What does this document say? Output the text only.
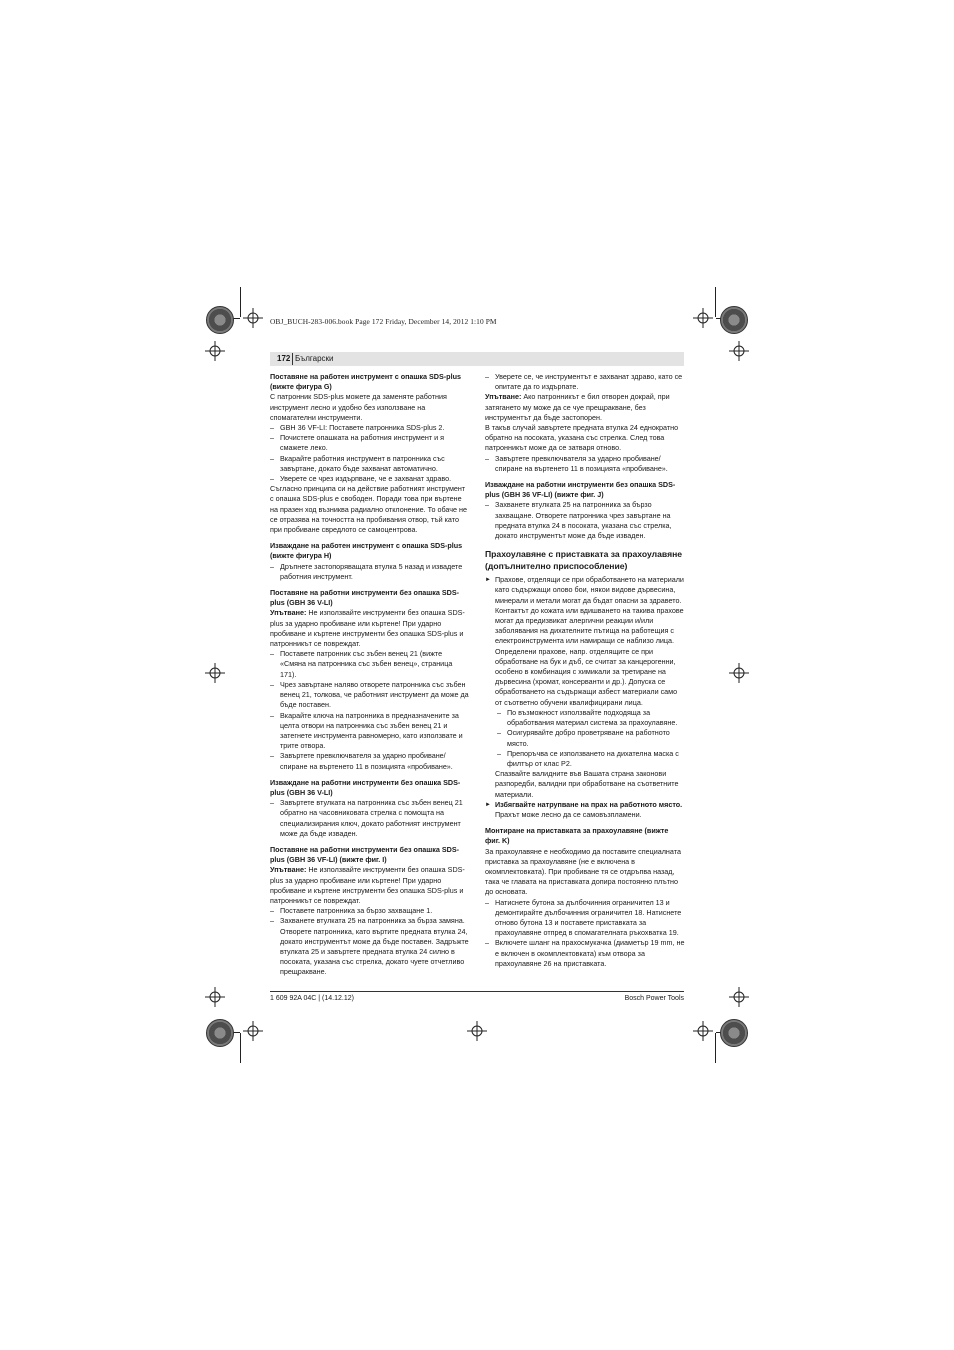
OBJ_BUCH-283-006.book Page 172 Friday, December 14, 2012 1:10 PM
172 Български

Поставяне на работен инструмент с опашка SDS-plus (вижте фигура G)

С патронник SDS-plus можете да заменяте работния инструмент лесно и удобно без използване на спомагателни инструменти.

– GBH 36 VF-LI: Поставете патронника SDS-plus 2.

– Почистете опашката на работния инструмент и я смажете леко.

– Вкарайте работния инструмент в патронника със завъртане, докато бъде захванат автоматично.

– Уверете се чрез издърпване, че е захванат здраво.

Съгласно принципа си на действие работният инструмент с опашка SDS-plus е свободен. Поради това при въртене на празен ход възниква радиално отклонение. То обаче не се отразява на точността на пробивания отвор, тъй като при пробиване свредлото се самоцентрова.

Изваждане на работен инструмент с опашка SDS-plus (вижте фигура H)

– Дръпнете застопоряващата втулка 5 назад и извадете работния инструмент.

Поставяне на работни инструменти без опашка SDS-plus (GBH 36 V-LI)

Упътване: Не използвайте инструменти без опашка SDS-plus за ударно пробиване или къртене! При ударно пробиване и къртене инструменти без опашка SDS-plus и патронникът се повреждат.

– Поставете патронник със зъбен венец 21 (вижте «Смяна на патронника със зъбен венец», страница 171).

– Чрез завъртане наляво отворете патронника със зъбен венец 21, толкова, че работният инструмент да може да бъде поставен.

– Вкарайте ключа на патронника в предназначените за целта отвори на патронника със зъбен венец 21 и затегнете инструмента равномерно, като използвате и трите отвора.

– Завъртете превключвателя за ударно пробиване/спиране на въртенето 11 в позицията «пробиване».

Изваждане на работни инструменти без опашка SDS-plus (GBH 36 V-LI)

– Завъртете втулката на патронника със зъбен венец 21 обратно на часовниковата стрелка с помощта на специализирания ключ, докато работният инструмент може да бъде изваден.

Поставяне на работни инструменти без опашка SDS-plus (GBH 36 VF-LI) (вижте фиг. I)

Упътване: Не използвайте инструменти без опашка SDS-plus за ударно пробиване или къртене! При ударно пробиване и къртене инструменти без опашка SDS-plus и патронникът се повреждат.

– Поставете патронника за бързо захващане 1.

– Захванете втулката 25 на патронника за бърза замяна. Отворете патронника, като въртите предната втулка 24, докато инструментът може да бъде поставен. Задръжте втулката 25 и завъртете предната втулка 24 силно в посоката, указана със стрелка, докато чуете отчетливо прещракване.

– Уверете се, че инструментът е захванат здраво, като се опитате да го издърпате.

Упътване: Ако патронникът е бил отворен докрай, при затягането му може да се чуе прещракване, без инструментът да бъде застопорен.

В такъв случай завъртете предната втулка 24 еднократно обратно на посоката, указана със стрелка. След това патронникът може да се затваря отново.

– Завъртете превключвателя за ударно пробиване/спиране на въртенето 11 в позицията «пробиване».

Изваждане на работни инструменти без опашка SDS-plus (GBH 36 VF-LI) (вижте фиг. J)

– Захванете втулката 25 на патронника за бързо захващане. Отворете патронника чрез завъртане на предната втулка 24 в посоката, указана със стрелка, докато инструментът може да бъде изваден.

Прахоулавяне с приставката за прахоулавяне (допълнително приспособление)

► Прахове, отделящи се при обработването на материали като съдържащи олово бои, някои видове дървесина, минерали и метали могат да бъдат опасни за здравето. Контактът до кожата или вдишването на такива прахове могат да предизвикат алергични реакции и/или заболявания на дихателните пътища на работещия с електроинструмента или намиращи се наблизо лица.

Определени прахове, напр. отделящите се при обработване на бук и дъб, се считат за канцерогенни, особено в комбинация с химикали за третиране на дървесина (хромат, консерванти и др.). Допуска се обработването на съдържащи азбест материали само от съответно обучени квалифицирани лица.

– По възможност използвайте подходяща за обработвания материал система за прахоулавяне.

– Осигурявайте добро проветряване на работното място.

– Препоръчва се използването на дихателна маска с филтър от клас P2.

Спазвайте валидните във Вашата страна законови разпоредби, валидни при обработване на съответните материали.

► Избягвайте натрупване на прах на работното място.
Прахът може лесно да се самовъзпламени.

Монтиране на приставката за прахоулавяне (вижте фиг. K)

За прахоулавяне е необходимо да поставите специалната приставка за прахоулавяне (не е включена в окомплектовката). При пробиване тя се отдръпва назад, така че главата на приставката допира постоянно плътно до основата.

– Натиснете бутона за дълбочинния ограничител 13 и демонтирайте дълбочинния ограничител 18. Натиснете отново бутона 13 и поставете приставката за прахоулавяне отпред в спомагателната ръкохватка 19.

– Включете шланг на прахосмукачка (диаметър 19 mm, не е включен в окомплектовката) към отвора за прахоулавяне 26 на приставката.

1 609 92A 04C | (14.12.12)	Bosch Power Tools
